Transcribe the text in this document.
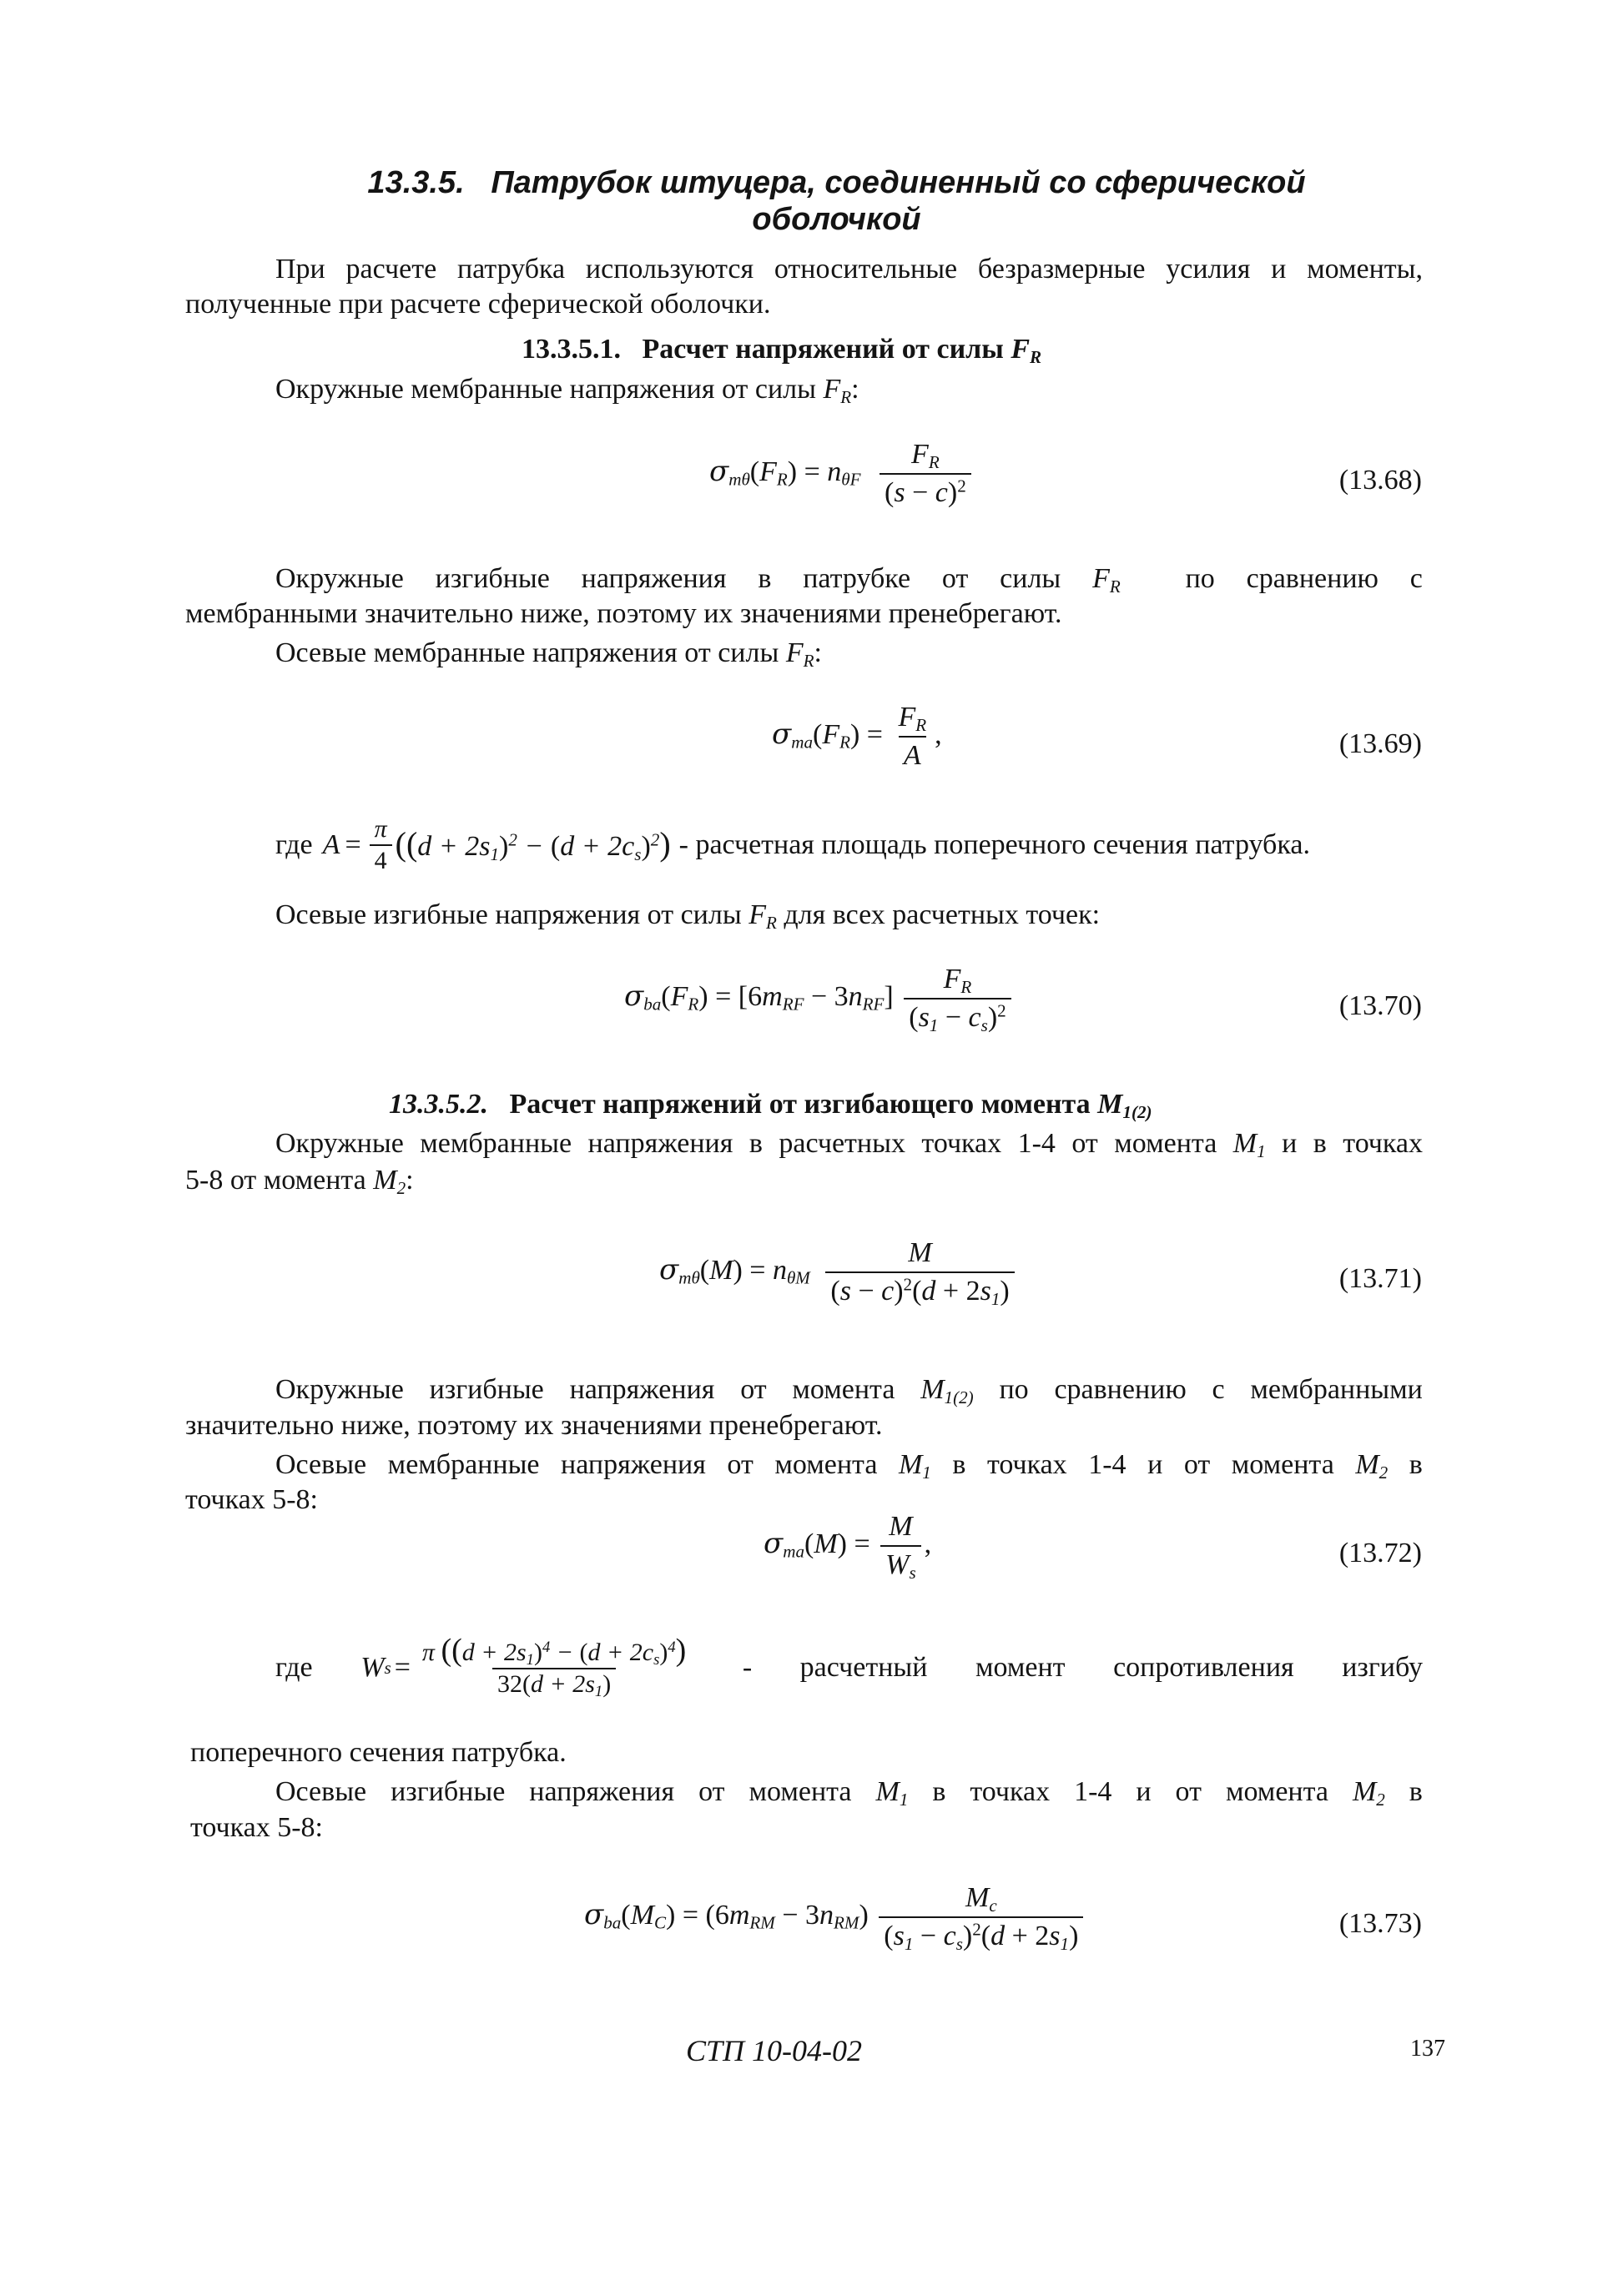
13.3.5. Патрубок штуцера, соединенный со сферической
оболочкой
При расчете патрубка используются относительные безразмерные усилия и моменты,
полученные при расчете сферической оболочки.
13.3.5.1. Расчет напряжений от силы $F_R$
Окружные мембранные напряжения от силы $F_R$:
$\sigma_{m\theta}(F_R) = n_{\theta F} \frac{F_R}{(s - c)^2}$	(13.68)
Окружные изгибные напряжения в патрубке от силы $F_R$ по сравнению с
мембранными значительно ниже, поэтому их значениями пренебрегают.
Осевые мембранные напряжения от силы $F_R$:
$\sigma_{ma}(F_R) = \frac{F_R}{A}$ ,	(13.69)
где $A = \frac{\pi}{4} ((d + 2s_1)^2 - (d + 2c_s)^2)$ - расчетная площадь поперечного сечения патрубка.
Осевые изгибные напряжения от силы $F_R$ для всех расчетных точек:
$\sigma_{ba}(F_R) = [6m_{RF} - 3n_{RF}] \frac{F_R}{(s_1 - c_s)^2}$	(13.70)
13.3.5.2. Расчет напряжений от изгибающего момента $M_{1(2)}$
Окружные мембранные напряжения в расчетных точках 1-4 от момента $M_1$ и в точках
5-8 от момента $M_2$:
$\sigma_{m\theta}(M) = n_{\theta M} \frac{M}{(s - c)^2(d + 2s_1)}$	(13.71)
Окружные изгибные напряжения от момента $M_{1(2)}$ по сравнению с мембранными
значительно ниже, поэтому их значениями пренебрегают.
Осевые мембранные напряжения от момента $M_1$ в точках 1-4 и от момента $M_2$ в
точках 5-8:
$\sigma_{ma}(M) = \frac{M}{W_s}$ ,	(13.72)
где W $s = \frac{\pi ((d + 2s_1)^4 - (d + 2c_s)^4)}{32(d + 2s_1)}$ - расчетный момент сопротивления изгибу
поперечного сечения патрубка.
Осевые изгибные напряжения от момента $M_1$ в точках 1-4 и от момента $M_2$ в
точках 5-8:
$\sigma_{ba}(M_C) = (6m_{RM} - 3n_{RM}) \frac{M_c}{(s_1 - c_s)^2(d + 2s_1)}$	(13.73)
СТП 10-04-02	137
